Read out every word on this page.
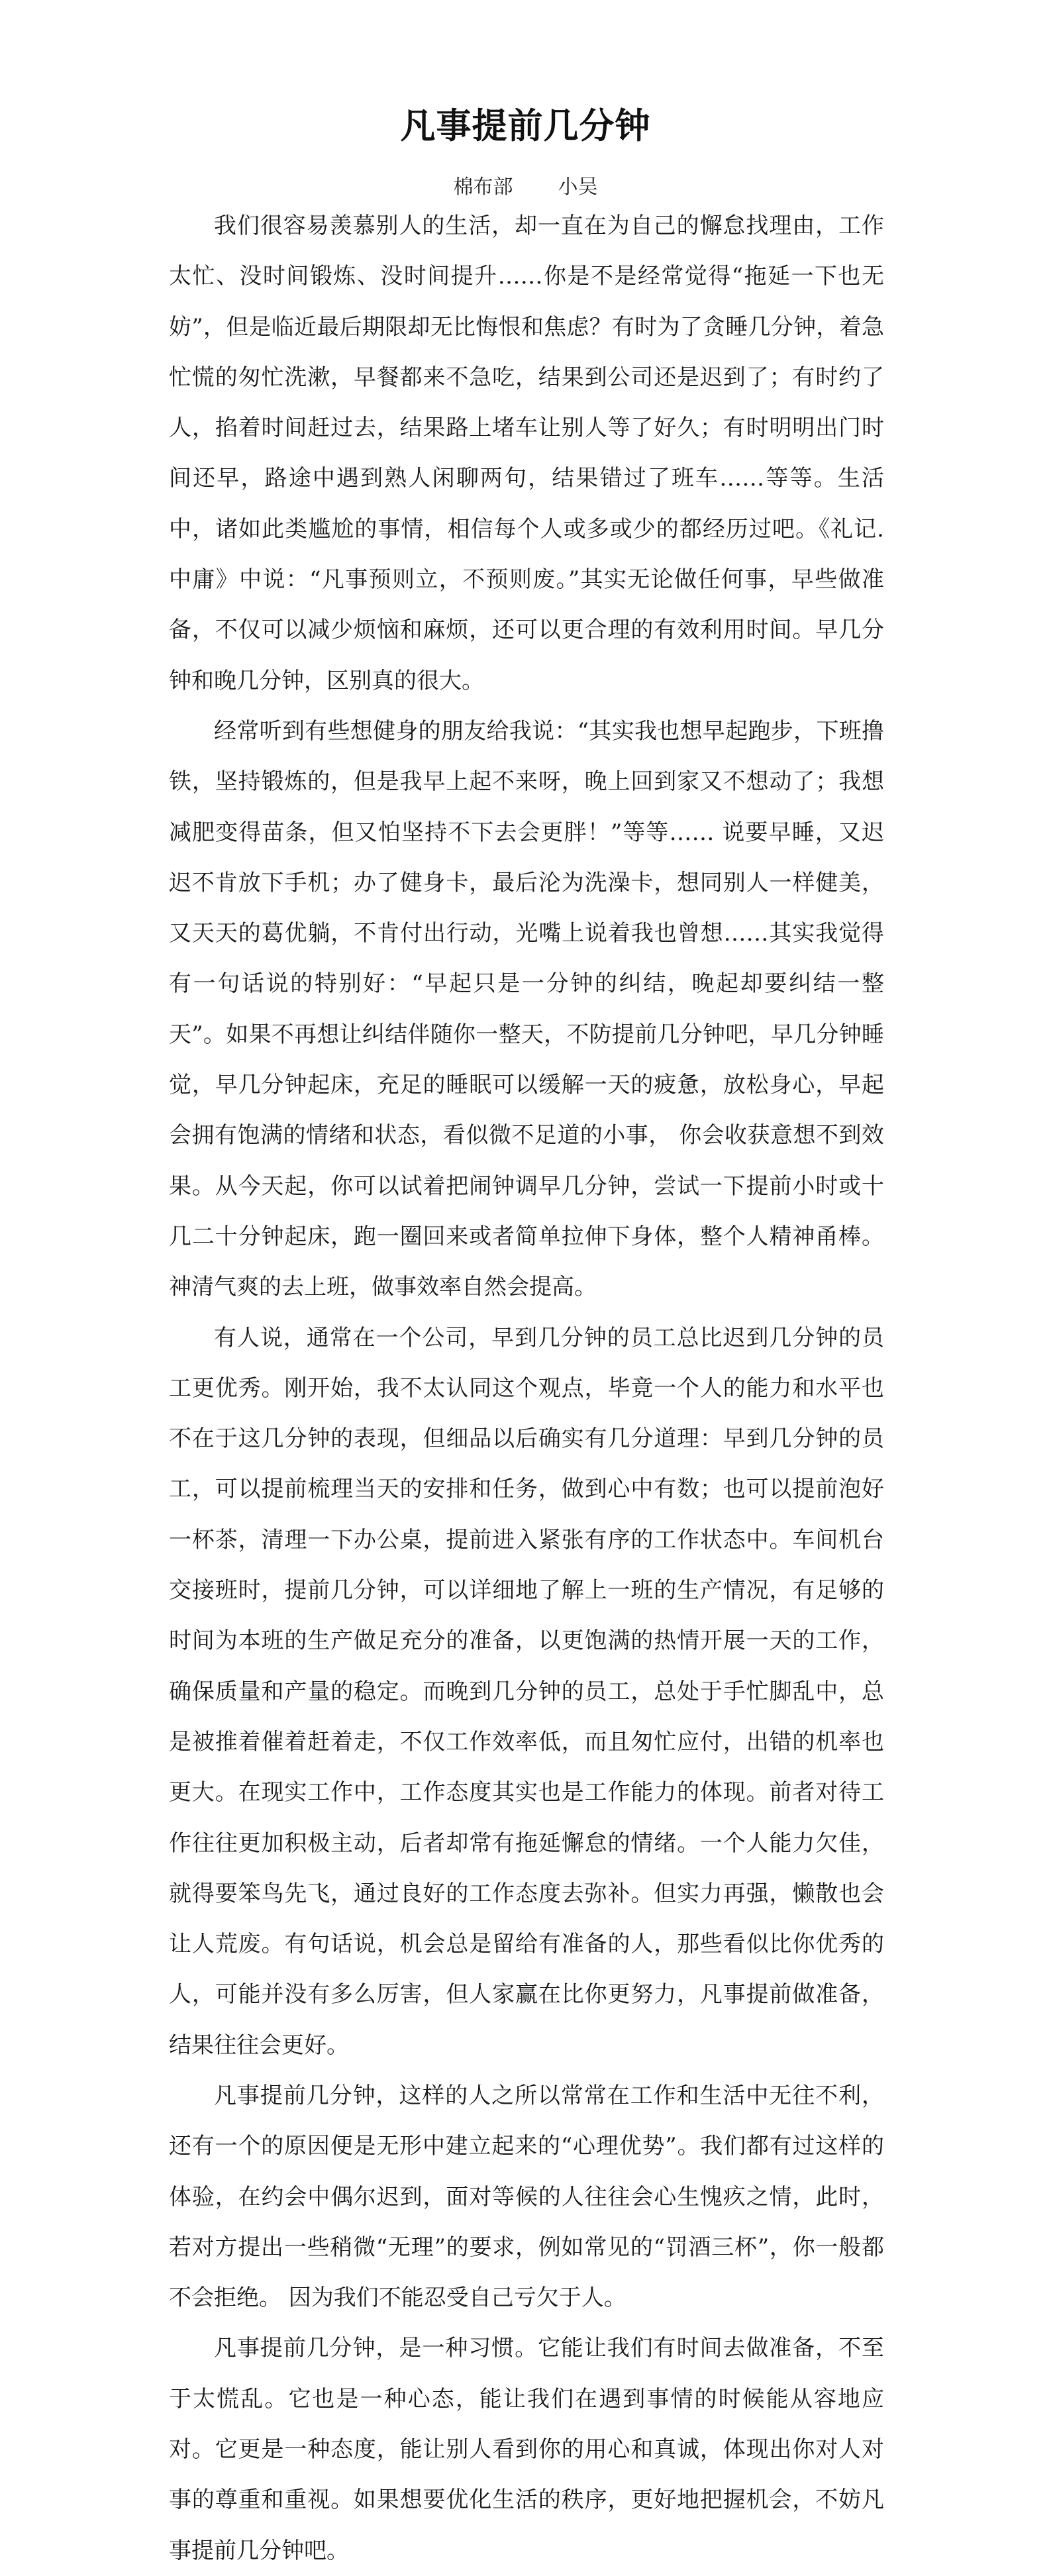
凡事提前几分钟
棉布部 小吴

我们很容易羡慕别人的生活，却一直在为自己的懈怠找理由，工作太忙、没时间锻炼、没时间提升……你是不是经常觉得“拖延一下也无妨”，但是临近最后期限却无比悔恨和焦虑？有时为了贪睡几分钟，着急忙慌的匆忙洗漱，早餐都来不急吃，结果到公司还是迟到了；有时约了人，掐着时间赶过去，结果路上堵车让别人等了好久；有时明明出门时间还早，路途中遇到熟人闲聊两句，结果错过了班车……等等。生活中，诸如此类尴尬的事情，相信每个人或多或少的都经历过吧。《礼记.中庸》中说：“凡事预则立，不预则废。”其实无论做任何事，早些做准备，不仅可以减少烦恼和麻烦，还可以更合理的有效利用时间。早几分钟和晚几分钟，区别真的很大。

经常听到有些想健身的朋友给我说：“其实我也想早起跑步，下班撸铁，坚持锻炼的，但是我早上起不来呀，晚上回到家又不想动了；我想减肥变得苗条，但又怕坚持不下去会更胖！”等等…… 说要早睡，又迟迟不肯放下手机；办了健身卡，最后沦为洗澡卡，想同别人一样健美，又天天的葛优躺，不肯付出行动，光嘴上说着我也曾想……其实我觉得有一句话说的特别好：“早起只是一分钟的纠结，晚起却要纠结一整天”。如果不再想让纠结伴随你一整天，不防提前几分钟吧，早几分钟睡觉，早几分钟起床，充足的睡眠可以缓解一天的疲惫，放松身心，早起会拥有饱满的情绪和状态，看似微不足道的小事， 你会收获意想不到效果。从今天起，你可以试着把闹钟调早几分钟，尝试一下提前小时或十几二十分钟起床，跑一圈回来或者简单拉伸下身体，整个人精神甬棒。神清气爽的去上班，做事效率自然会提高。

有人说，通常在一个公司，早到几分钟的员工总比迟到几分钟的员工更优秀。刚开始，我不太认同这个观点，毕竟一个人的能力和水平也不在于这几分钟的表现，但细品以后确实有几分道理：早到几分钟的员工，可以提前梳理当天的安排和任务，做到心中有数；也可以提前泡好一杯茶，清理一下办公桌，提前进入紧张有序的工作状态中。车间机台交接班时，提前几分钟，可以详细地了解上一班的生产情况，有足够的时间为本班的生产做足充分的准备，以更饱满的热情开展一天的工作，确保质量和产量的稳定。而晚到几分钟的员工，总处于手忙脚乱中，总是被推着催着赶着走，不仅工作效率低，而且匆忙应付，出错的机率也更大。在现实工作中，工作态度其实也是工作能力的体现。前者对待工作往往更加积极主动，后者却常有拖延懈怠的情绪。一个人能力欠佳，就得要笨鸟先飞，通过良好的工作态度去弥补。但实力再强，懒散也会让人荒废。有句话说，机会总是留给有准备的人，那些看似比你优秀的人，可能并没有多么厉害，但人家赢在比你更努力，凡事提前做准备，结果往往会更好。

凡事提前几分钟，这样的人之所以常常在工作和生活中无往不利，还有一个的原因便是无形中建立起来的“心理优势”。我们都有过这样的体验，在约会中偶尔迟到，面对等候的人往往会心生愧疚之情，此时，若对方提出一些稍微“无理”的要求，例如常见的“罚酒三杯”，你一般都不会拒绝。 因为我们不能忍受自己亏欠于人。

凡事提前几分钟，是一种习惯。它能让我们有时间去做准备，不至于太慌乱。它也是一种心态，能让我们在遇到事情的时候能从容地应对。它更是一种态度，能让别人看到你的用心和真诚，体现出你对人对事的尊重和重视。如果想要优化生活的秩序，更好地把握机会，不妨凡事提前几分钟吧。
